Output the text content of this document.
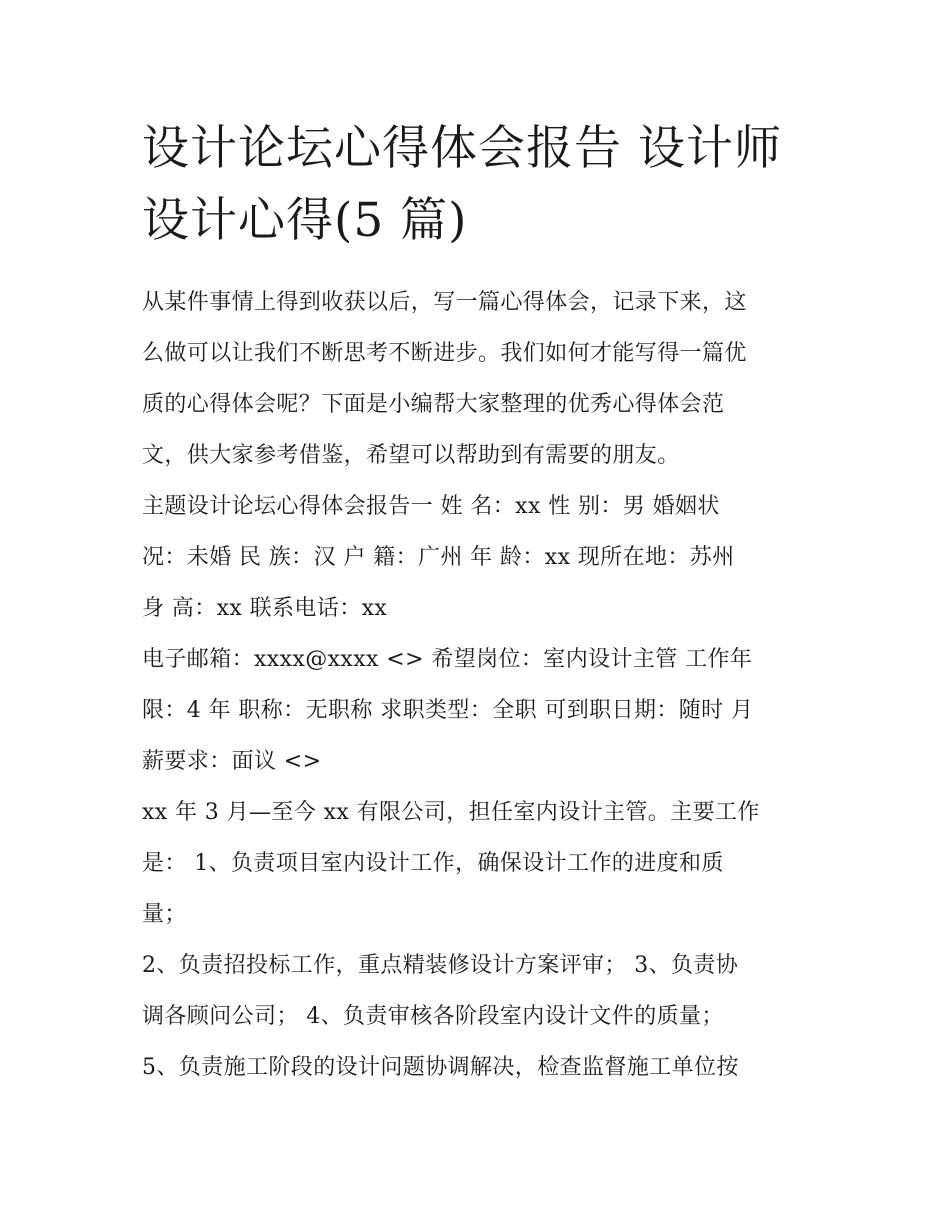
设计论坛心得体会报告 设计师
设计心得(5 篇)
从某件事情上得到收获以后，写一篇心得体会，记录下来，这
么做可以让我们不断思考不断进步。我们如何才能写得一篇优
质的心得体会呢？下面是小编帮大家整理的优秀心得体会范
文，供大家参考借鉴，希望可以帮助到有需要的朋友。
主题设计论坛心得体会报告一 姓 名：xx 性 别：男 婚姻状
况：未婚 民 族：汉 户 籍：广州 年 龄：xx 现所在地：苏州
身 高：xx 联系电话：xx
电子邮箱：xxxx@xxxx <> 希望岗位：室内设计主管 工作年
限：4 年 职称：无职称 求职类型：全职 可到职日期：随时 月
薪要求：面议 <>
xx 年 3 月—至今 xx 有限公司，担任室内设计主管。主要工作
是： 1、负责项目室内设计工作，确保设计工作的进度和质
量；
2、负责招投标工作，重点精装修设计方案评审； 3、负责协
调各顾问公司； 4、负责审核各阶段室内设计文件的质量；
5、负责施工阶段的设计问题协调解决，检查监督施工单位按
